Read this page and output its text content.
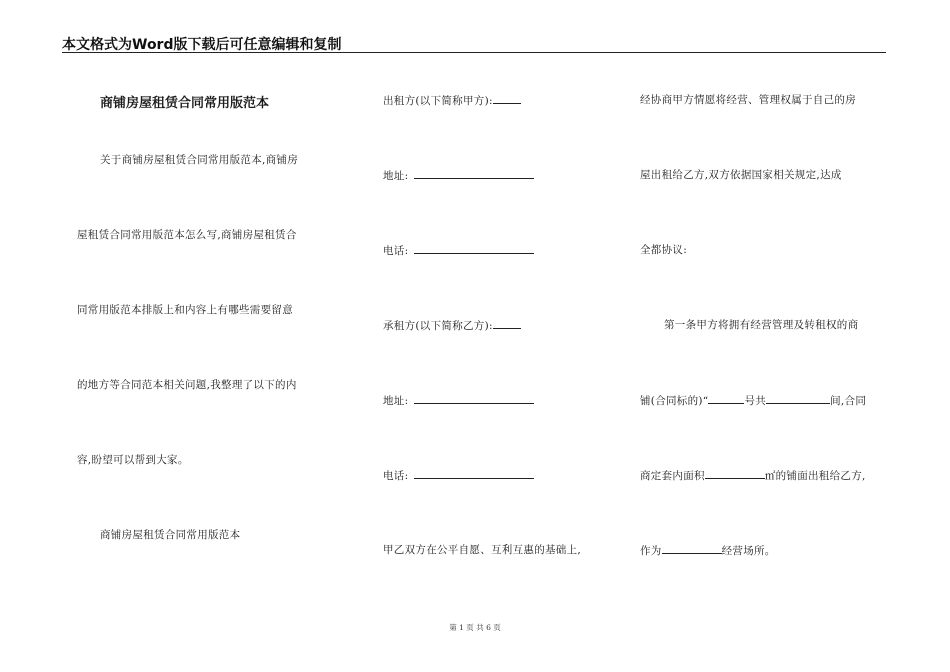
本文格式为Word版下载后可任意编辑和复制
商铺房屋租赁合同常用版范本
关于商铺房屋租赁合同常用版范本,商铺房
屋租赁合同常用版范本怎么写,商铺房屋租赁合
同常用版范本排版上和内容上有哪些需要留意
的地方等合同范本相关问题,我整理了以下的内
容,盼望可以帮到大家。
商铺房屋租赁合同常用版范本
出租方(以下简称甲方):
地址:
电话:
承租方(以下简称乙方):
地址:
电话:
甲乙双方在公平自愿、互利互惠的基础上,
经协商甲方情愿将经营、管理权属于自己的房
屋出租给乙方,双方依据国家相关规定,达成
全都协议:
第一条甲方将拥有经营管理及转租权的商
铺(合同标的)“	号共	间,合同
商定套内面积	㎡的铺面出租给乙方,
作为	经营场所。
第 1 页 共 6 页
